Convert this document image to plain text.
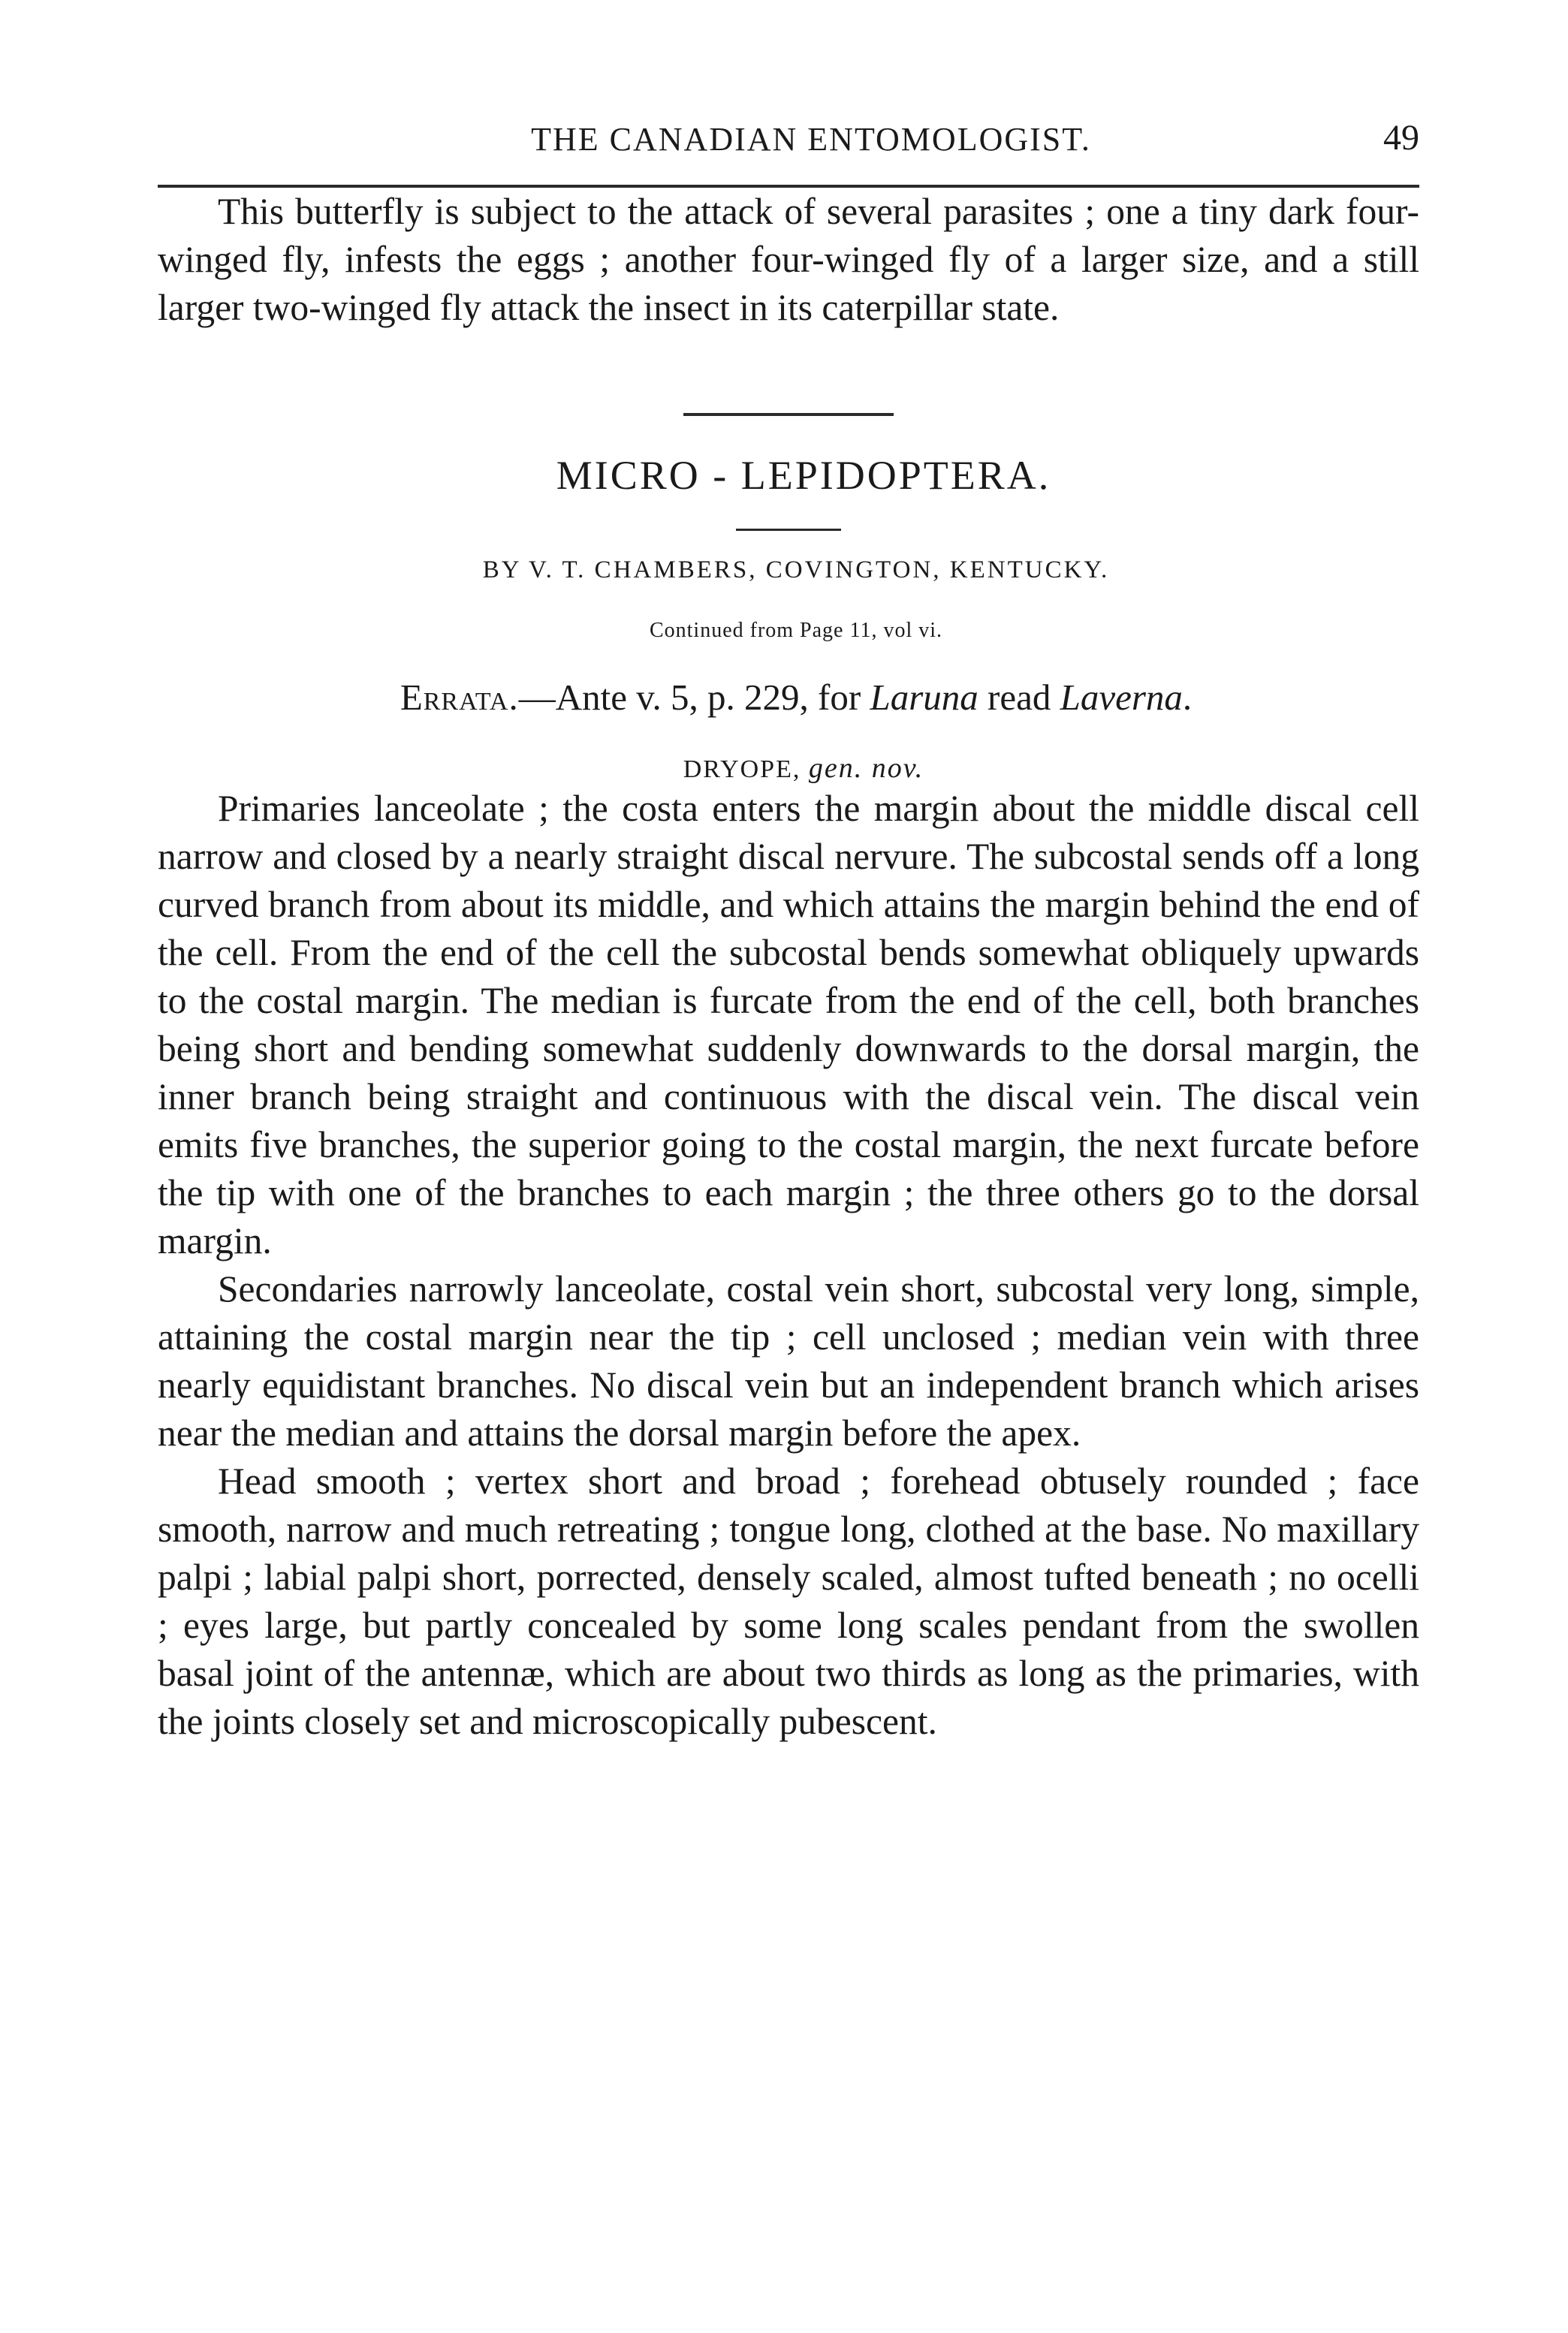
THE CANADIAN ENTOMOLOGIST.	49

This butterfly is subject to the attack of several parasites ; one a tiny dark four-winged fly, infests the eggs ; another four-winged fly of a larger size, and a still larger two-winged fly attack the insect in its caterpillar state.

MICRO - LEPIDOPTERA.
BY V. T. CHAMBERS, COVINGTON, KENTUCKY.
Continued from Page 11, vol vi.
Errata.—Ante v. 5, p. 229, for Laruna read Laverna.
DRYOPE, gen. nov.

Primaries lanceolate ; the costa enters the margin about the middle discal cell narrow and closed by a nearly straight discal nervure. The subcostal sends off a long curved branch from about its middle, and which attains the margin behind the end of the cell. From the end of the cell the subcostal bends somewhat obliquely upwards to the costal margin. The median is furcate from the end of the cell, both branches being short and bending somewhat suddenly downwards to the dorsal margin, the inner branch being straight and continuous with the discal vein. The discal vein emits five branches, the superior going to the costal margin, the next furcate before the tip with one of the branches to each margin ; the three others go to the dorsal margin.

Secondaries narrowly lanceolate, costal vein short, subcostal very long, simple, attaining the costal margin near the tip ; cell unclosed ; median vein with three nearly equidistant branches. No discal vein but an independent branch which arises near the median and attains the dorsal margin before the apex.

Head smooth ; vertex short and broad ; forehead obtusely rounded ; face smooth, narrow and much retreating ; tongue long, clothed at the base. No maxillary palpi ; labial palpi short, porrected, densely scaled, almost tufted beneath ; no ocelli ; eyes large, but partly concealed by some long scales pendant from the swollen basal joint of the antennæ, which are about two thirds as long as the primaries, with the joints closely set and microscopically pubescent.
